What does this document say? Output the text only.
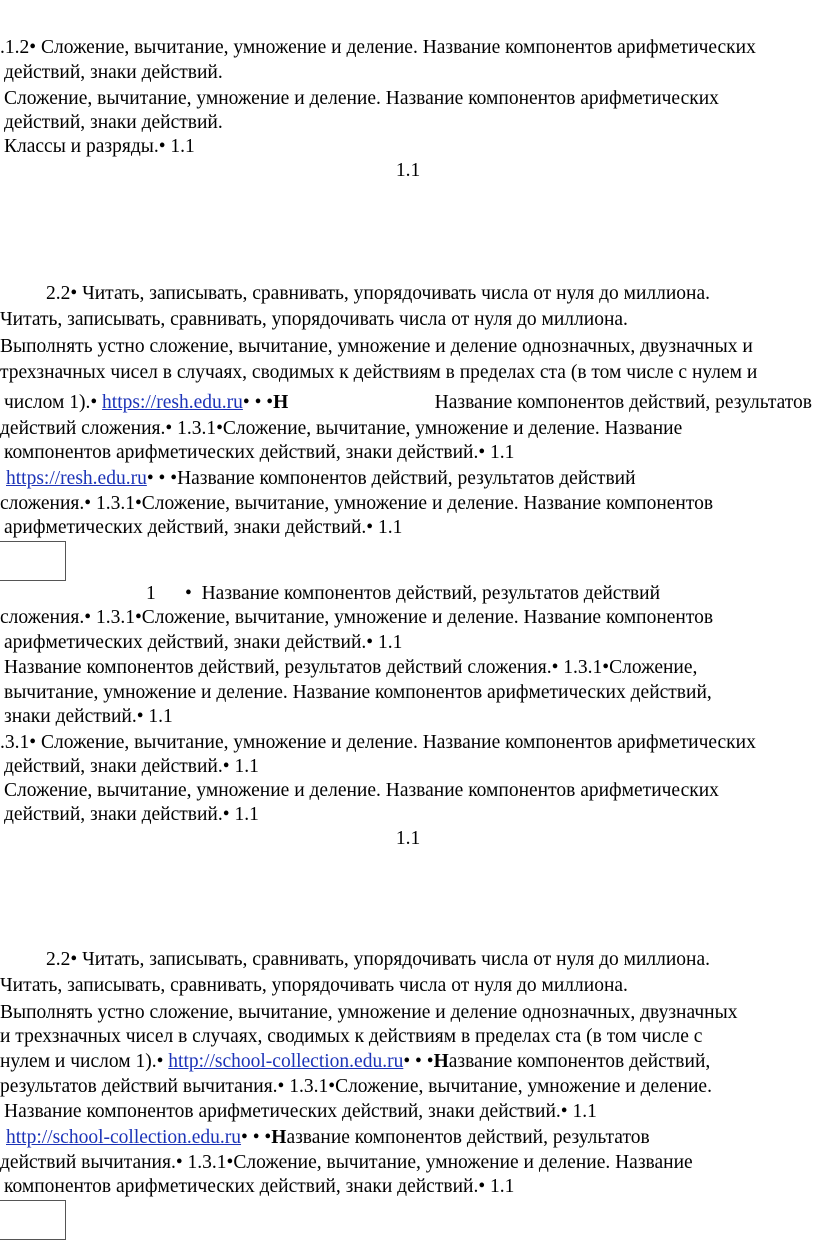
.1.2• Сложение, вычитание, умножение и деление. Название компонентов арифметических
действий, знаки действий.
Сложение, вычитание, умножение и деление. Название компонентов арифметических
действий, знаки действий.
Классы и разряды.• 1.1
1.1
2.2• Читать, записывать, сравнивать, упорядочивать числа от нуля до миллиона.
Читать, записывать, сравнивать, упорядочивать числа от нуля до миллиона.
Выполнять устно сложение, вычитание, умножение и деление однозначных, двузначных и
трехзначных чисел в случаях, сводимых к действиям в пределах ста (в том числе с нулем и
числом 1).• https://resh.edu.ru• • •Н	Название компонентов действий, результатов
действий сложения.• 1.3.1•Сложение, вычитание, умножение и деление. Название
компонентов арифметических действий, знаки действий.• 1.1
https://resh.edu.ru• • •Название компонентов действий, результатов действий
сложения.• 1.3.1•Сложение, вычитание, умножение и деление. Название компонентов
арифметических действий, знаки действий.• 1.1
1 • Название компонентов действий, результатов действий
сложения.• 1.3.1•Сложение, вычитание, умножение и деление. Название компонентов
арифметических действий, знаки действий.• 1.1
Название компонентов действий, результатов действий сложения.• 1.3.1•Сложение,
вычитание, умножение и деление. Название компонентов арифметических действий,
знаки действий.• 1.1
.3.1• Сложение, вычитание, умножение и деление. Название компонентов арифметических
действий, знаки действий.• 1.1
Сложение, вычитание, умножение и деление. Название компонентов арифметических
действий, знаки действий.• 1.1
1.1
2.2• Читать, записывать, сравнивать, упорядочивать числа от нуля до миллиона.
Читать, записывать, сравнивать, упорядочивать числа от нуля до миллиона.
Выполнять устно сложение, вычитание, умножение и деление однозначных, двузначных
и трехзначных чисел в случаях, сводимых к действиям в пределах ста (в том числе с
нулем и числом 1).• http://school-collection.edu.ru• • •Название компонентов действий,
результатов действий вычитания.• 1.3.1•Сложение, вычитание, умножение и деление.
Название компонентов арифметических действий, знаки действий.• 1.1
http://school-collection.edu.ru• • •Название компонентов действий, результатов
действий вычитания.• 1.3.1•Сложение, вычитание, умножение и деление. Название
компонентов арифметических действий, знаки действий.• 1.1
